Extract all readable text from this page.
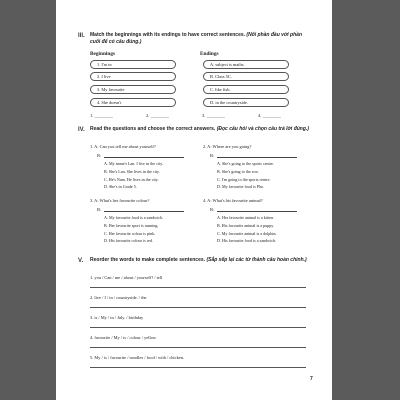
III. Match the beginnings with its endings to have correct sentences. (Nối phần đầu với phần cuối để có câu đúng.)
Beginnings	Endings
1. I'm in
2. I live
3. My favourite
4. She doesn't
A. subject is maths.
B. Class 5C.
C. like fish.
D. in the countryside.
1. ________	2. ________	3. ________	4. ________
IV. Read the questions and choose the correct answers. (Đọc câu hỏi và chọn câu trả lời đúng.)
1. A: Can you tell me about yourself?
B:
A. My name's Lan. I live in the city.
B. She's Lan. She lives in the city.
C. He's Nam. He lives in the city.
D. She's in Grade 5.
2. A: Where are you going?
B:
A. She's going to the sports centre.
B. She's going to the zoo.
C. I'm going to the sports centre.
D. My favourite food is Pho.
3. A: What's her favourite colour?
B:
A. My favourite food is a sandwich.
B. Her favourite sport is running.
C. Her favourite colour is pink.
D. His favourite colour is red.
4. A: What's his favourite animal?
B:
A. Her favourite animal is a kitten.
B. His favourite animal is a puppy.
C. My favourite animal is a dolphin.
D. His favourite food is a sandwich.
V. Reorder the words to make complete sentences. (Sắp xếp lại các từ thành câu hoàn chỉnh.)
1. you / Can / me / about / yourself? / tell
2. live / I / in / countryside. / the
3. is / My / in / July. / birthday
4. favourite / My / is / colour / yellow
5. My / is / favourite / noodles / food / with / chicken.
7
